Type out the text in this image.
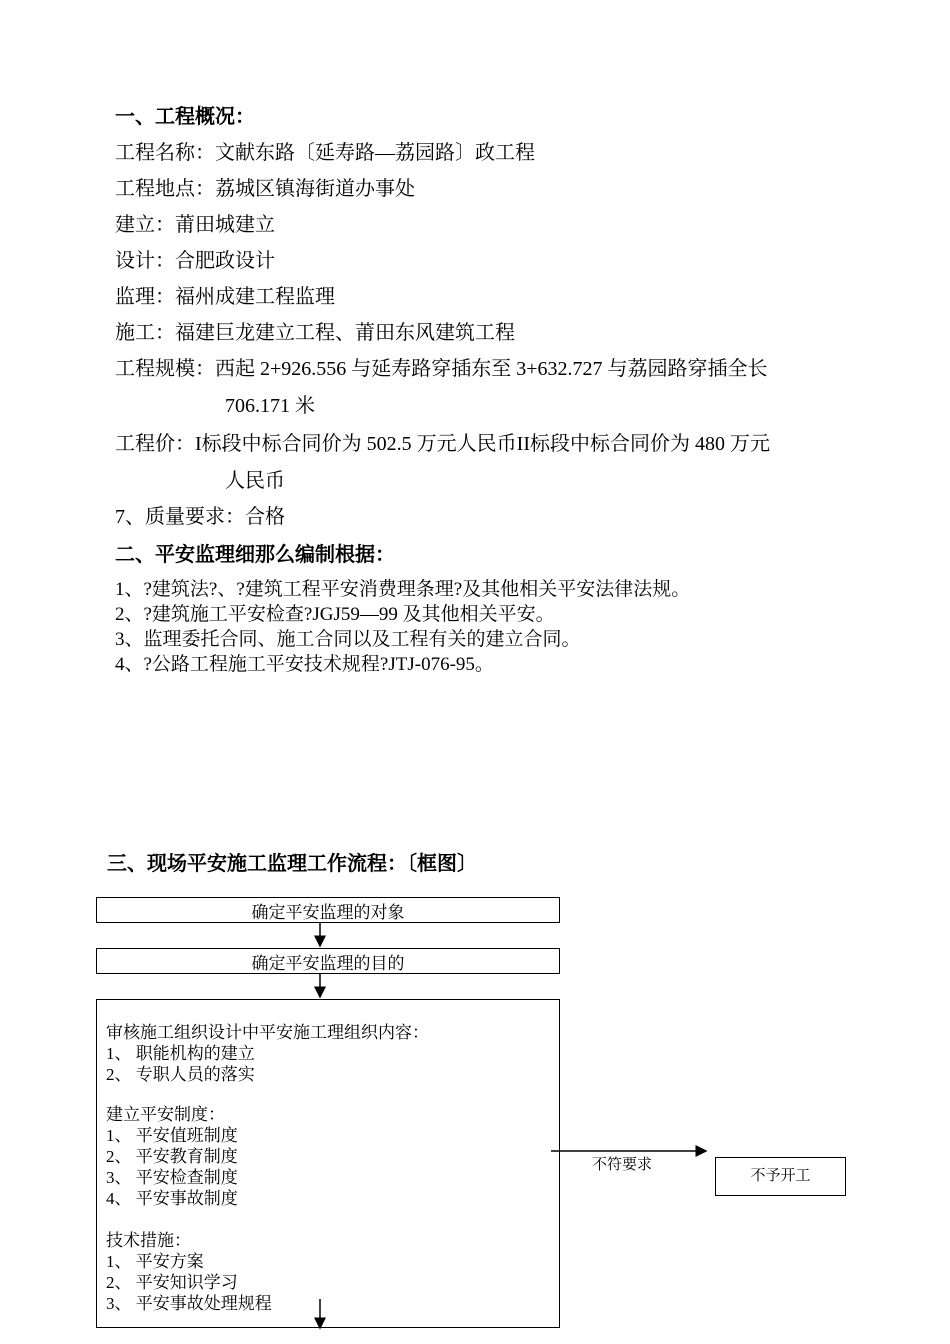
一、工程概况：
工程名称：文献东路〔延寿路—荔园路〕政工程
工程地点：荔城区镇海街道办事处
建立：莆田城建立
设计：合肥政设计
监理：福州成建工程监理
施工：福建巨龙建立工程、莆田东风建筑工程
工程规模：西起 2+926.556 与延寿路穿插东至 3+632.727 与荔园路穿插全长
706.171 米
工程价：I标段中标合同价为 502.5 万元人民币II标段中标合同价为 480 万元
人民币
7、质量要求：合格
二、平安监理细那么编制根据：
1、?建筑法?、?建筑工程平安消费理条理?及其他相关平安法律法规。
2、?建筑施工平安检查?JGJ59—99 及其他相关平安。
3、监理委托合同、施工合同以及工程有关的建立合同。
4、?公路工程施工平安技术规程?JTJ-076-95。
三、现场平安施工监理工作流程：〔框图〕
确定平安监理的对象
确定平安监理的目的
审核施工组织设计中平安施工理组织内容：
1、 职能机构的建立
2、 专职人员的落实
建立平安制度：
1、 平安值班制度
2、 平安教育制度
3、 平安检查制度
4、 平安事故制度
技术措施：
1、 平安方案
2、 平安知识学习
3、 平安事故处理规程
不符要求
不予开工
